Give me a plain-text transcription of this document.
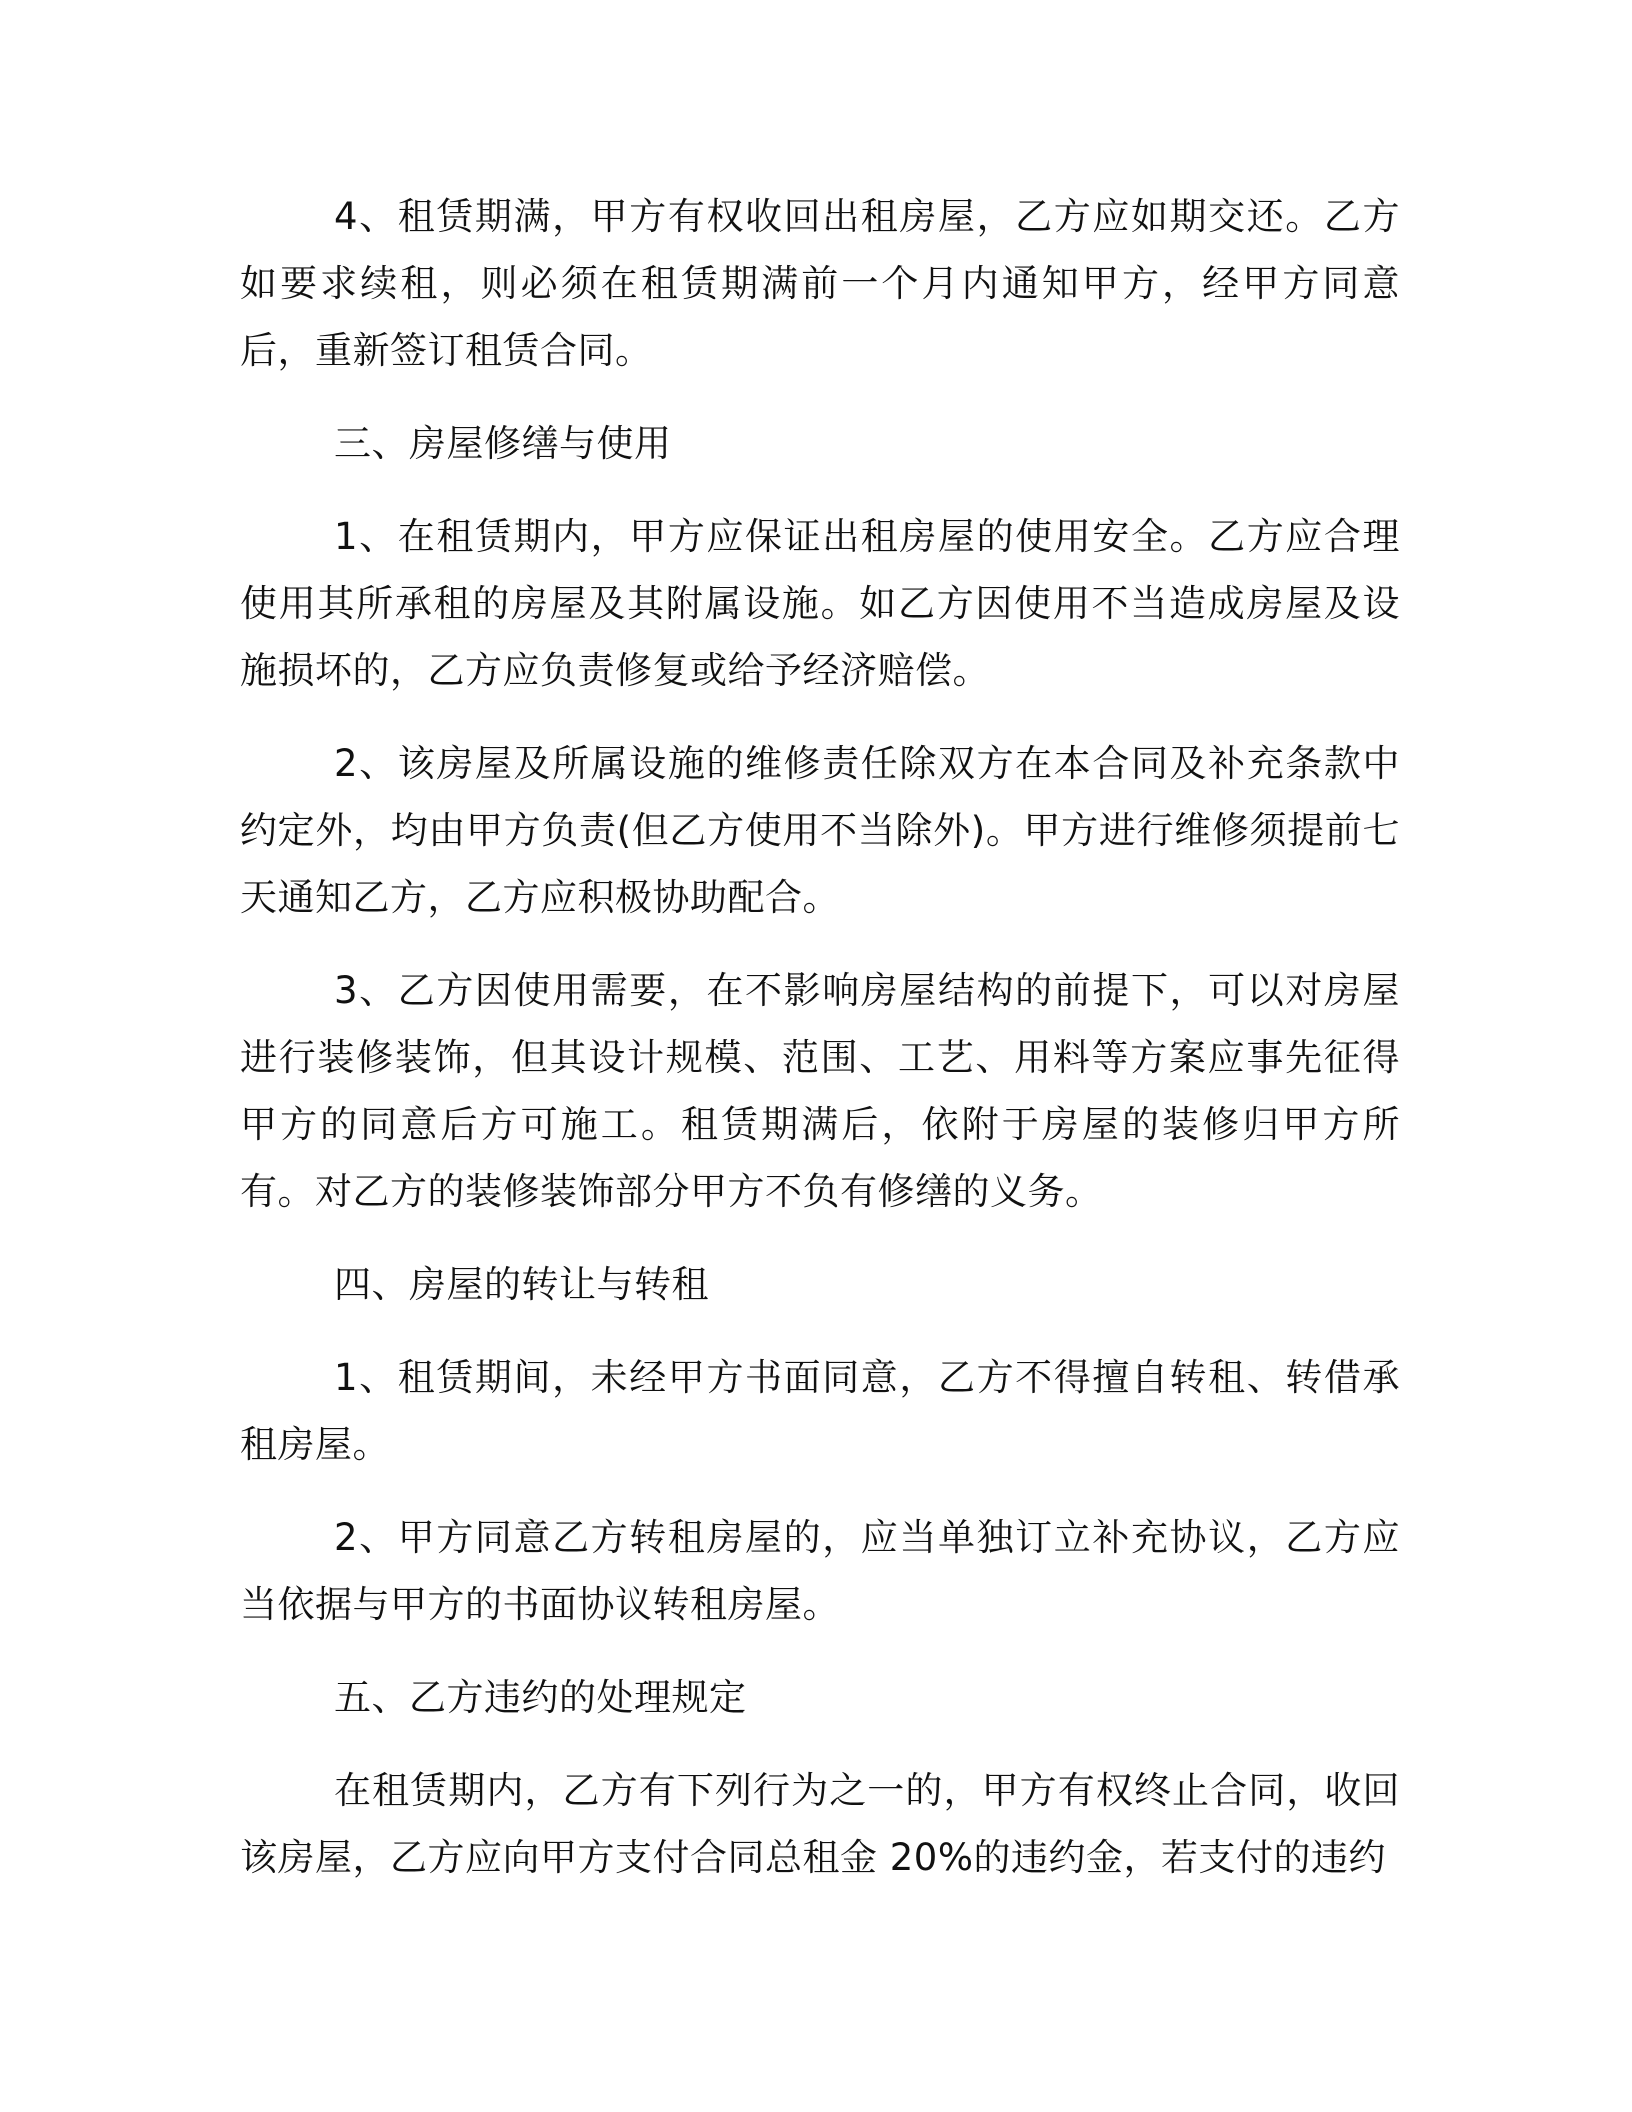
4、租赁期满，甲方有权收回出租房屋，乙方应如期交还。乙方如要求续租，则必须在租赁期满前一个月内通知甲方，经甲方同意后，重新签订租赁合同。

三、房屋修缮与使用

1、在租赁期内，甲方应保证出租房屋的使用安全。乙方应合理使用其所承租的房屋及其附属设施。如乙方因使用不当造成房屋及设施损坏的，乙方应负责修复或给予经济赔偿。

2、该房屋及所属设施的维修责任除双方在本合同及补充条款中约定外，均由甲方负责(但乙方使用不当除外)。甲方进行维修须提前七天通知乙方，乙方应积极协助配合。

3、乙方因使用需要，在不影响房屋结构的前提下，可以对房屋进行装修装饰，但其设计规模、范围、工艺、用料等方案应事先征得甲方的同意后方可施工。租赁期满后，依附于房屋的装修归甲方所有。对乙方的装修装饰部分甲方不负有修缮的义务。

四、房屋的转让与转租

1、租赁期间，未经甲方书面同意，乙方不得擅自转租、转借承租房屋。

2、甲方同意乙方转租房屋的，应当单独订立补充协议，乙方应当依据与甲方的书面协议转租房屋。

五、乙方违约的处理规定

在租赁期内，乙方有下列行为之一的，甲方有权终止合同，收回该房屋，乙方应向甲方支付合同总租金 20%的违约金，若支付的违约
